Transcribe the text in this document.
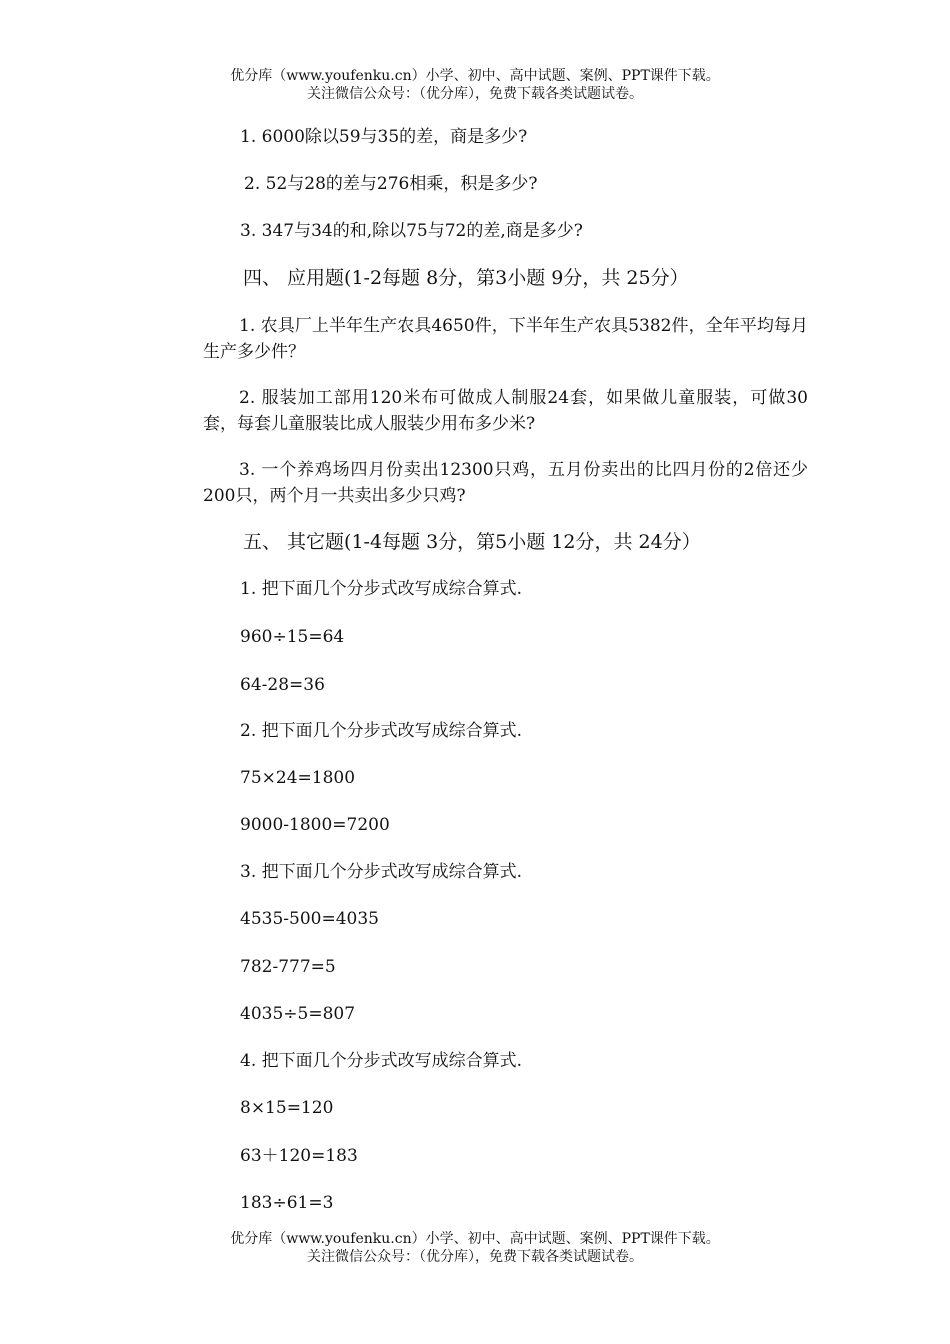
优分库（www.youfenku.cn）小学、初中、高中试题、案例、PPT课件下载。
关注微信公众号：（优分库），免费下载各类试题试卷。
1. 6000除以59与35的差，商是多少?
2. 52与28的差与276相乘，积是多少?
3. 347与34的和,除以75与72的差,商是多少?
四、 应用题(1-2每题 8分，第3小题 9分，共 25分）
1. 农具厂上半年生产农具4650件，下半年生产农具5382件，全年平均每月生产多少件？
2. 服装加工部用120米布可做成人制服24套，如果做儿童服装，可做30套，每套儿童服装比成人服装少用布多少米?
3. 一个养鸡场四月份卖出12300只鸡，五月份卖出的比四月份的2倍还少200只，两个月一共卖出多少只鸡?
五、 其它题(1-4每题 3分，第5小题 12分，共 24分）
1. 把下面几个分步式改写成综合算式.
960÷15=64
64-28=36
2. 把下面几个分步式改写成综合算式.
75×24=1800
9000-1800=7200
3. 把下面几个分步式改写成综合算式.
4535-500=4035
782-777=5
4035÷5=807
4. 把下面几个分步式改写成综合算式.
8×15=120
63＋120=183
183÷61=3
优分库（www.youfenku.cn）小学、初中、高中试题、案例、PPT课件下载。
关注微信公众号：（优分库），免费下载各类试题试卷。
